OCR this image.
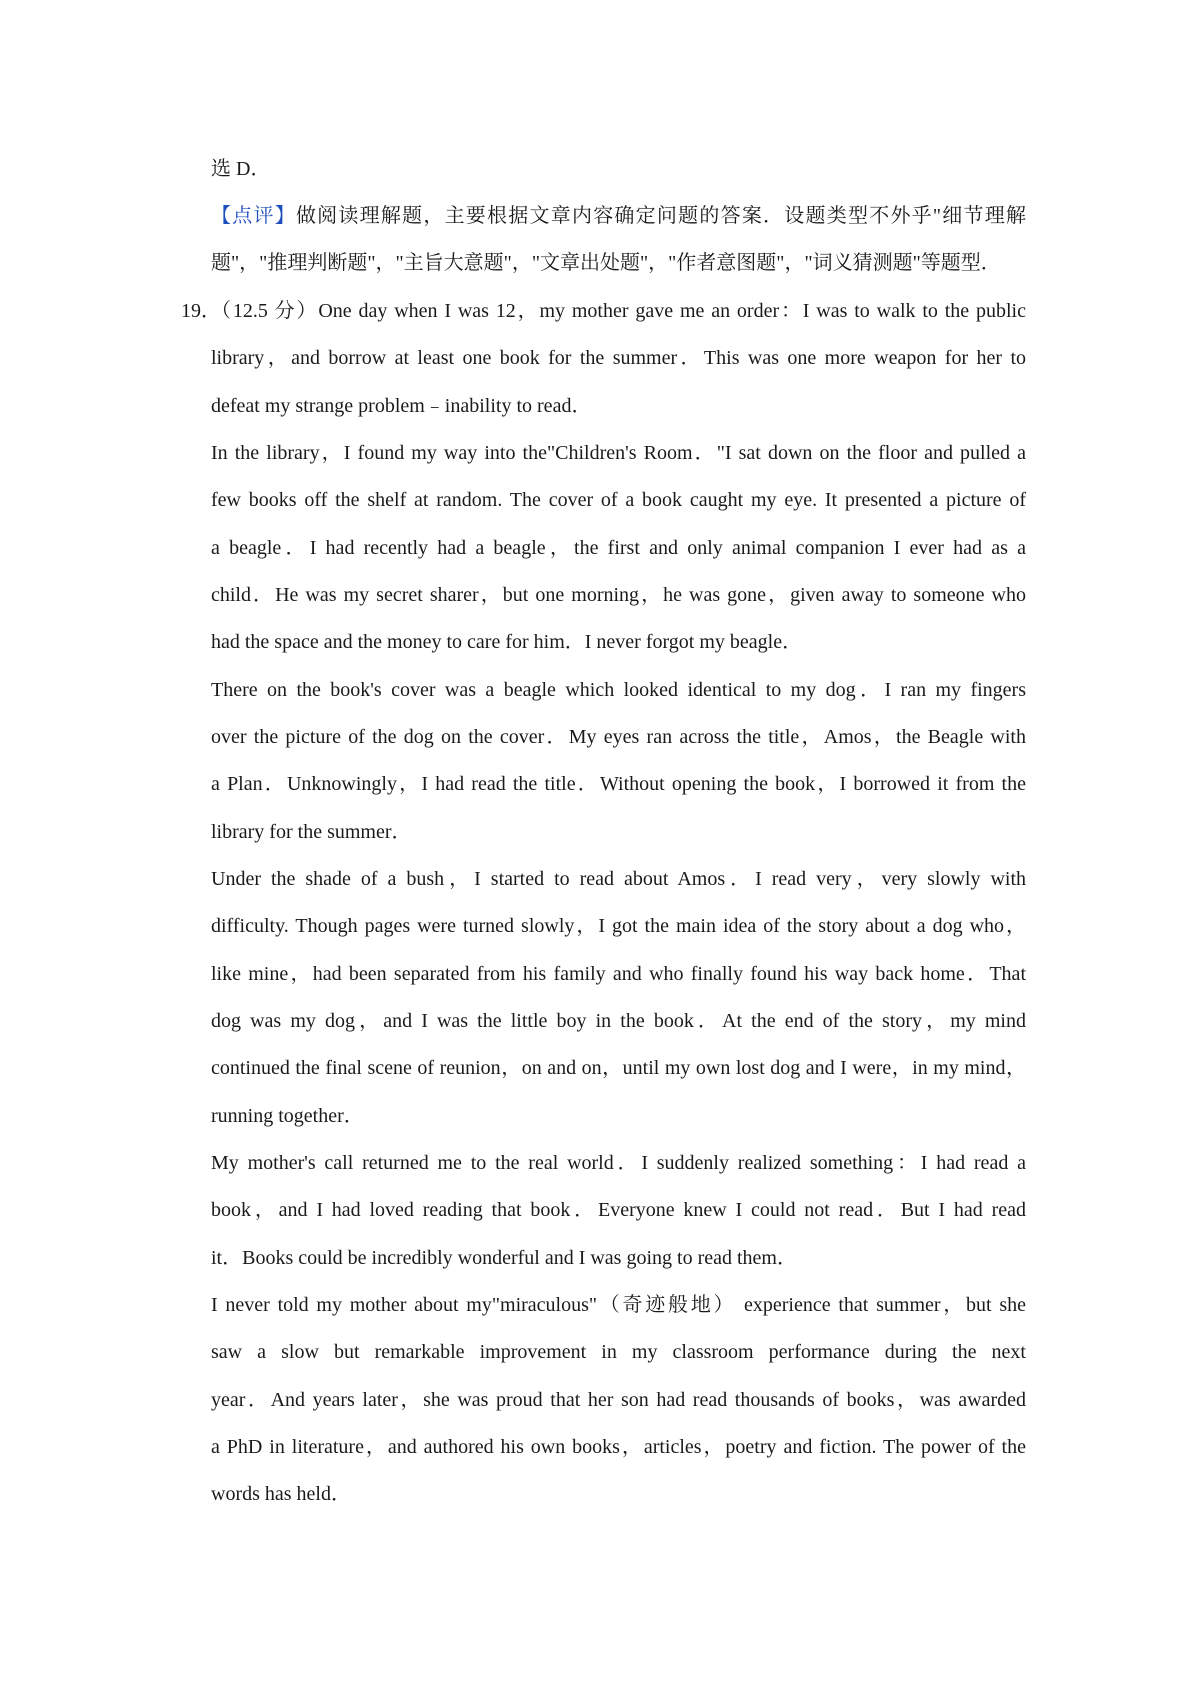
选 D．
【点评】做阅读理解题，主要根据文章内容确定问题的答案．设题类型不外乎"细节理解
题"，"推理判断题"，"主旨大意题"，"文章出处题"，"作者意图题"，"词义猜测题"等题型．
19．
（12.5 分）One day when I was 12，my mother gave me an order：I was to walk to the public
library，and borrow at least one book for the summer．This was one more weapon for her to
defeat my strange problem﹣inability to read．
In the library，I found my way into the"Children's Room．"I sat down on the floor and pulled a
few books off the shelf at random. The cover of a book caught my eye. It presented a picture of
a beagle．I had recently had a beagle，the first and only animal companion I ever had as a
child．He was my secret sharer，but one morning，he was gone，given away to someone who
had the space and the money to care for him．I never forgot my beagle．
There on the book's cover was a beagle which looked identical to my dog．I ran my fingers
over the picture of the dog on the cover．My eyes ran across the title，Amos，the Beagle with
a Plan．Unknowingly，I had read the title．Without opening the book，I borrowed it from the
library for the summer．
Under the shade of a bush，I started to read about Amos．I read very，very slowly with
difficulty. Though pages were turned slowly，I got the main idea of the story about a dog who，
like mine，had been separated from his family and who finally found his way back home．That
dog was my dog，and I was the little boy in the book．At the end of the story，my mind
continued the final scene of reunion，on and on，until my own lost dog and I were，in my mind，
running together．
My mother's call returned me to the real world．I suddenly realized something：I had read a
book，and I had loved reading that book．Everyone knew I could not read．But I had read
it．Books could be incredibly wonderful and I was going to read them．
I never told my mother about my"miraculous"（奇迹般地） experience that summer，but she
saw a slow but remarkable improvement in my classroom performance during the next
year．And years later，she was proud that her son had read thousands of books，was awarded
a PhD in literature，and authored his own books，articles，poetry and fiction. The power of the
words has held．
